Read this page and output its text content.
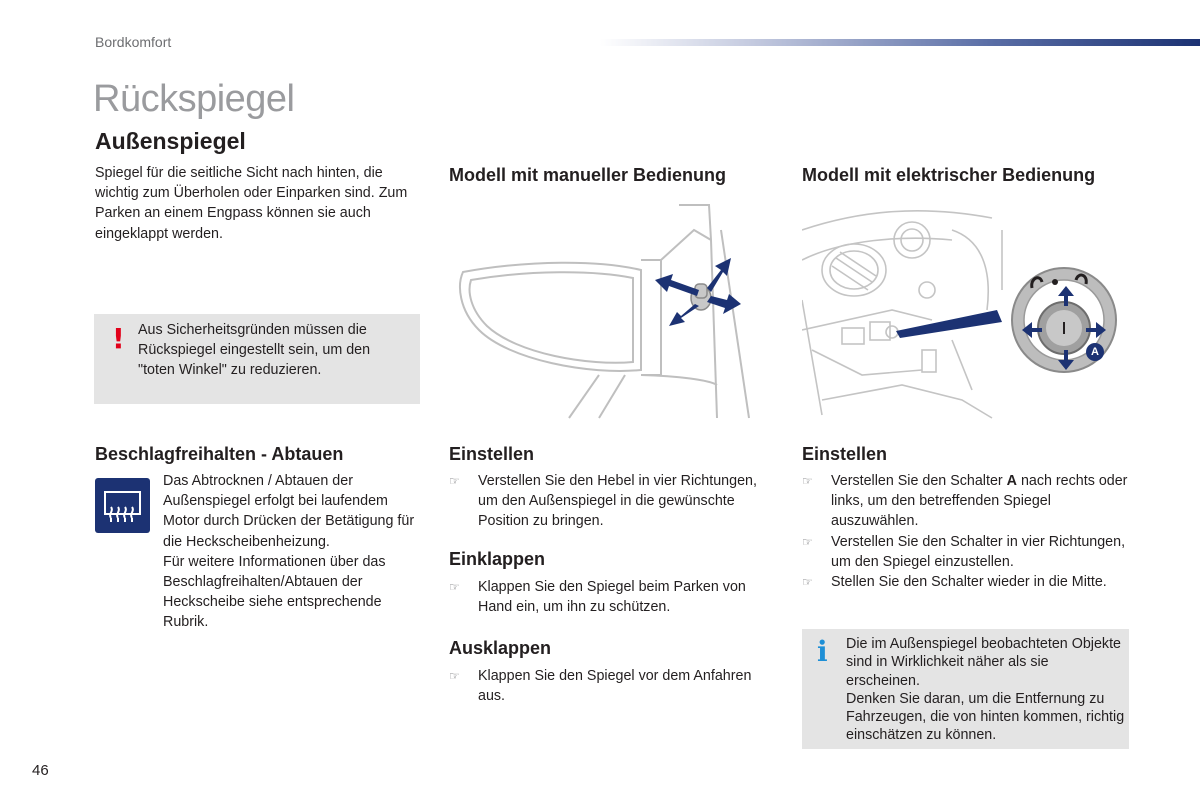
Bordkomfort
Rückspiegel
Außenspiegel
Spiegel für die seitliche Sicht nach hinten, die wichtig zum Überholen oder Einparken sind. Zum Parken an einem Engpass können sie auch eingeklappt werden.
! Aus Sicherheitsgründen müssen die Rückspiegel eingestellt sein, um den "toten Winkel" zu reduzieren.
Modell mit manueller Bedienung	Modell mit elektrischer Bedienung
A
Beschlagfreihalten - Abtauen
Das Abtrocknen / Abtauen der Außenspiegel erfolgt bei laufendem Motor durch Drücken der Betätigung für die Heckscheibenheizung.
Für weitere Informationen über das Beschlagfreihalten/Abtauen der Heckscheibe siehe entsprechende Rubrik.
Einstellen
☞ Verstellen Sie den Hebel in vier Richtungen, um den Außenspiegel in die gewünschte Position zu bringen.
Einklappen
☞ Klappen Sie den Spiegel beim Parken von Hand ein, um ihn zu schützen.
Ausklappen
☞ Klappen Sie den Spiegel vor dem Anfahren aus.
Einstellen
☞ Verstellen Sie den Schalter A nach rechts oder links, um den betreffenden Spiegel auszuwählen.
☞ Verstellen Sie den Schalter in vier Richtungen, um den Spiegel einzustellen.
☞ Stellen Sie den Schalter wieder in die Mitte.
i Die im Außenspiegel beobachteten Objekte sind in Wirklichkeit näher als sie erscheinen.
Denken Sie daran, um die Entfernung zu Fahrzeugen, die von hinten kommen, richtig einschätzen zu können.
46
